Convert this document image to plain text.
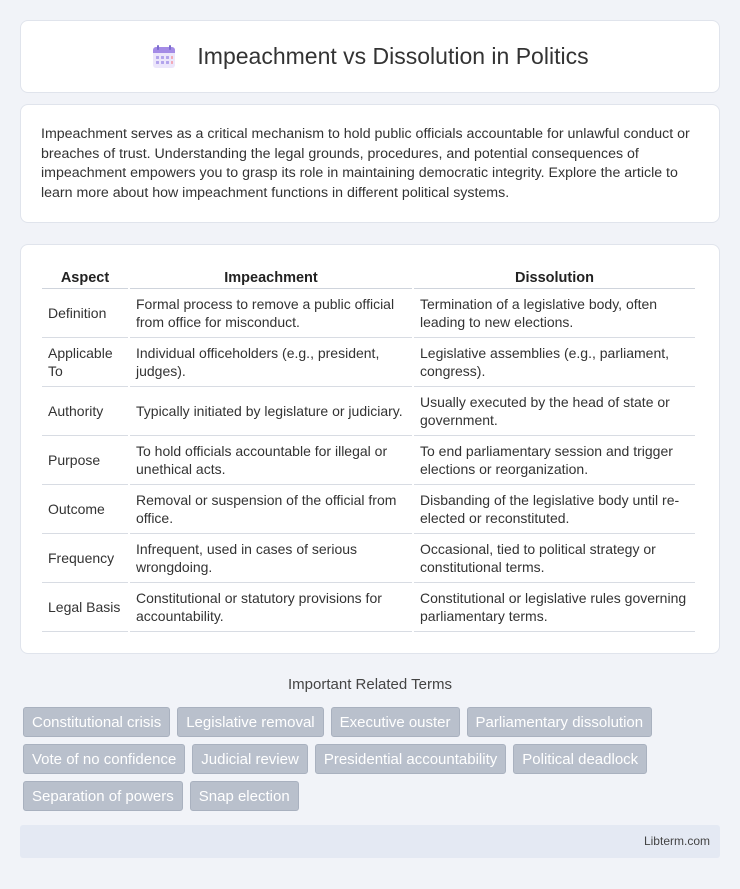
Impeachment vs Dissolution in Politics

Impeachment serves as a critical mechanism to hold public officials accountable for unlawful conduct or breaches of trust. Understanding the legal grounds, procedures, and potential consequences of impeachment empowers you to grasp its role in maintaining democratic integrity. Explore the article to learn more about how impeachment functions in different political systems.

Aspect	Impeachment	Dissolution
Definition	Formal process to remove a public official from office for misconduct.	Termination of a legislative body, often leading to new elections.
Applicable To	Individual officeholders (e.g., president, judges).	Legislative assemblies (e.g., parliament, congress).
Authority	Typically initiated by legislature or judiciary.	Usually executed by the head of state or government.
Purpose	To hold officials accountable for illegal or unethical acts.	To end parliamentary session and trigger elections or reorganization.
Outcome	Removal or suspension of the official from office.	Disbanding of the legislative body until re-elected or reconstituted.
Frequency	Infrequent, used in cases of serious wrongdoing.	Occasional, tied to political strategy or constitutional terms.
Legal Basis	Constitutional or statutory provisions for accountability.	Constitutional or legislative rules governing parliamentary terms.
Important Related Terms
Constitutional crisis	Legislative removal	Executive ouster	Parliamentary dissolution
Vote of no confidence	Judicial review	Presidential accountability	Political deadlock
Separation of powers	Snap election
Libterm.com
